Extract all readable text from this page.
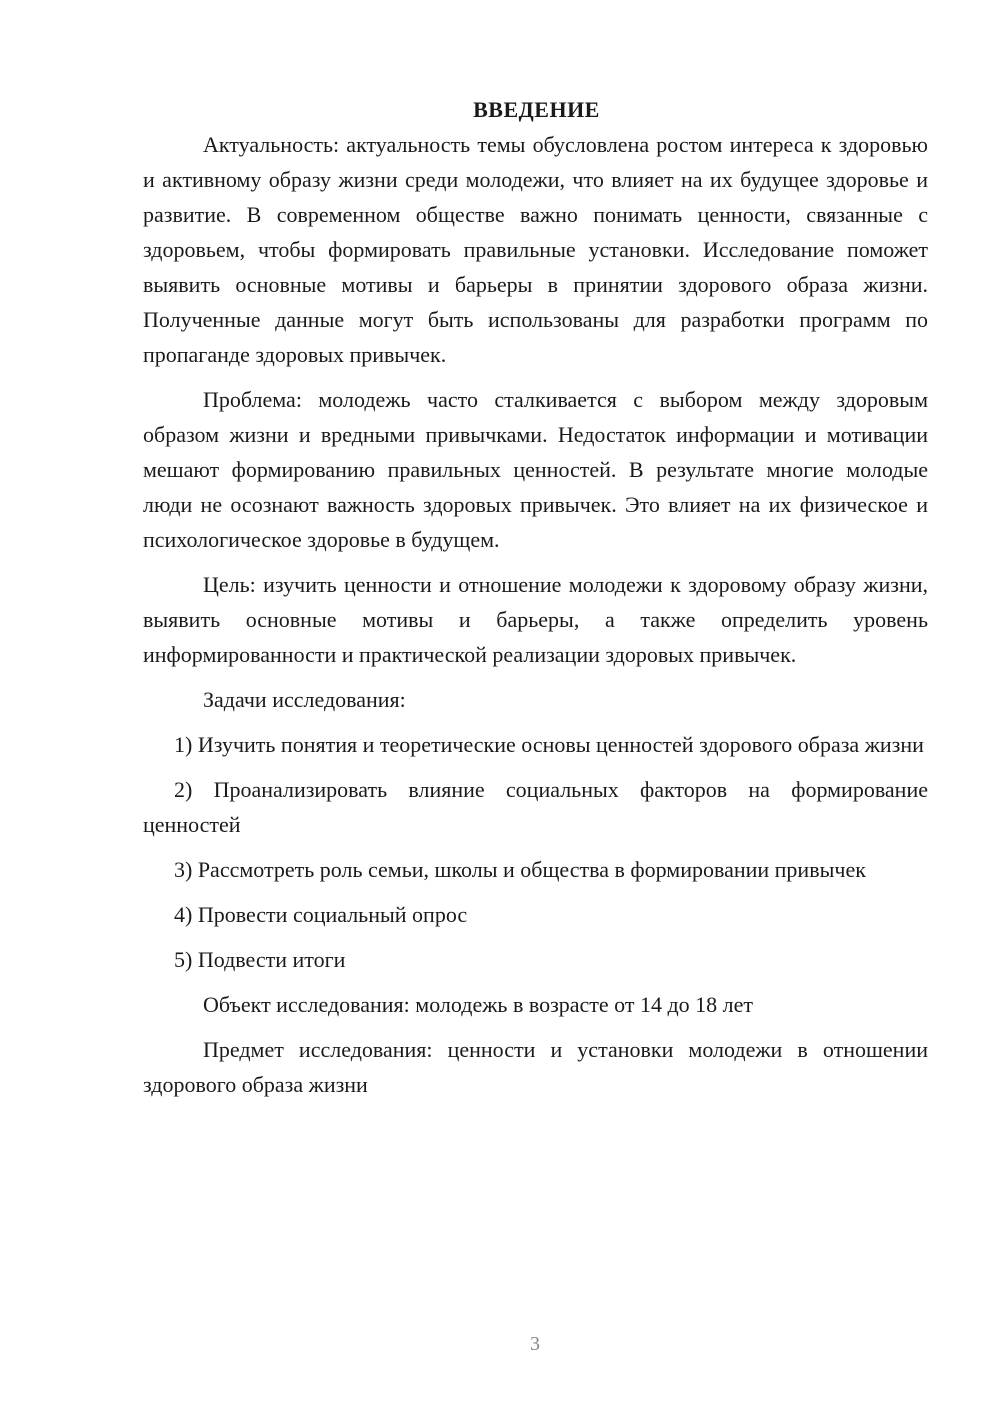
ВВЕДЕНИЕ

Актуальность: актуальность темы обусловлена ростом интереса к здоровью и активному образу жизни среди молодежи, что влияет на их будущее здоровье и развитие. В современном обществе важно понимать ценности, связанные с здоровьем, чтобы формировать правильные установки. Исследование поможет выявить основные мотивы и барьеры в принятии здорового образа жизни. Полученные данные могут быть использованы для разработки программ по пропаганде здоровых привычек.

Проблема: молодежь часто сталкивается с выбором между здоровым образом жизни и вредными привычками. Недостаток информации и мотивации мешают формированию правильных ценностей. В результате многие молодые люди не осознают важность здоровых привычек. Это влияет на их физическое и психологическое здоровье в будущем.

Цель: изучить ценности и отношение молодежи к здоровому образу жизни, выявить основные мотивы и барьеры, а также определить уровень информированности и практической реализации здоровых привычек.

Задачи исследования:

1) Изучить понятия и теоретические основы ценностей здорового образа жизни

2) Проанализировать влияние социальных факторов на формирование ценностей

3) Рассмотреть роль семьи, школы и общества в формировании привычек

4) Провести социальный опрос

5) Подвести итоги

Объект исследования: молодежь в возрасте от 14 до 18 лет

Предмет исследования: ценности и установки молодежи в отношении здорового образа жизни

3
